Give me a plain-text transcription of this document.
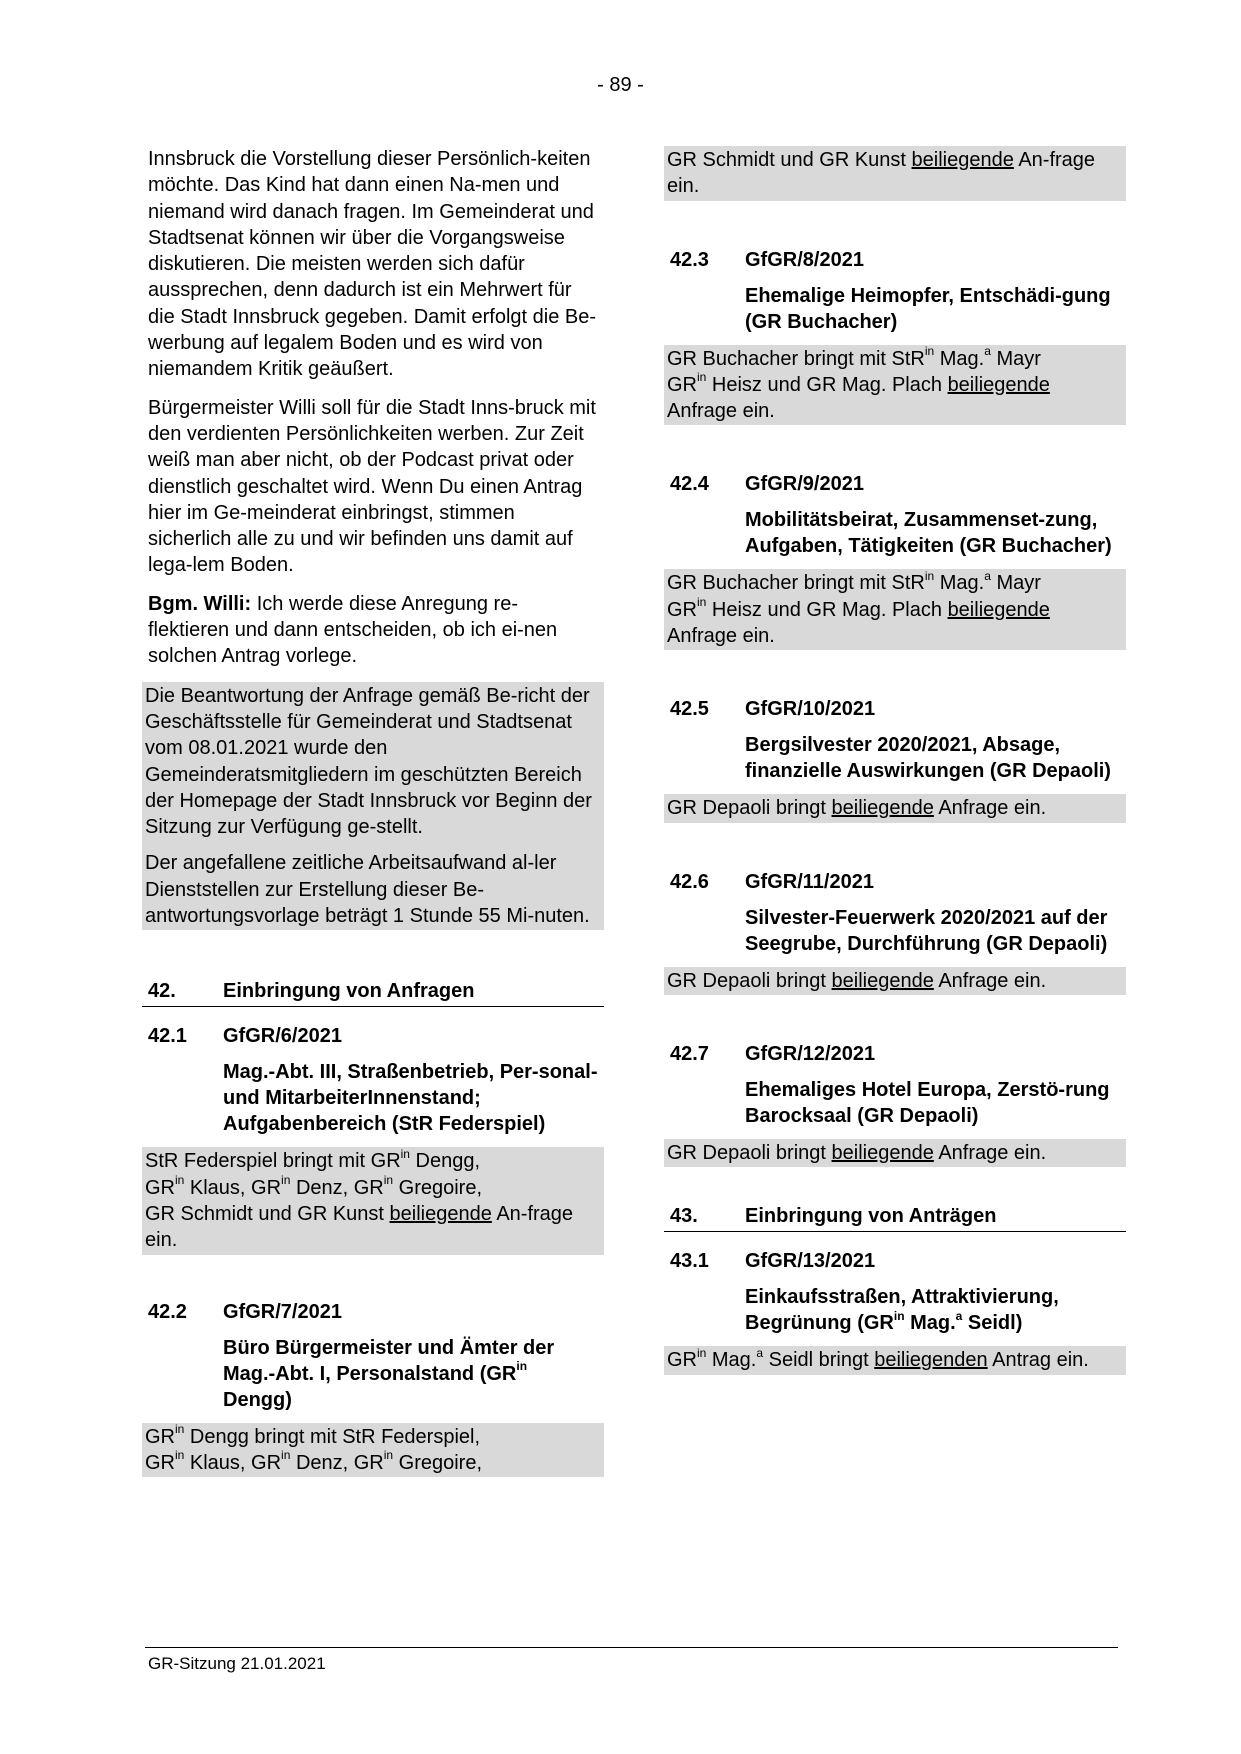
- 89 -

Innsbruck die Vorstellung dieser Persönlich-keiten möchte. Das Kind hat dann einen Na-men und niemand wird danach fragen. Im Gemeinderat und Stadtsenat können wir über die Vorgangsweise diskutieren. Die meisten werden sich dafür aussprechen, denn dadurch ist ein Mehrwert für die Stadt Innsbruck gegeben. Damit erfolgt die Be-werbung auf legalem Boden und es wird von niemandem Kritik geäußert.

Bürgermeister Willi soll für die Stadt Inns-bruck mit den verdienten Persönlichkeiten werben. Zur Zeit weiß man aber nicht, ob der Podcast privat oder dienstlich geschaltet wird. Wenn Du einen Antrag hier im Ge-meinderat einbringst, stimmen sicherlich alle zu und wir befinden uns damit auf lega-lem Boden.

Bgm. Willi: Ich werde diese Anregung re-flektieren und dann entscheiden, ob ich ei-nen solchen Antrag vorlege.

Die Beantwortung der Anfrage gemäß Be-richt der Geschäftsstelle für Gemeinderat und Stadtsenat vom 08.01.2021 wurde den Gemeinderatsmitgliedern im geschützten Bereich der Homepage der Stadt Innsbruck vor Beginn der Sitzung zur Verfügung ge-stellt.

Der angefallene zeitliche Arbeitsaufwand al-ler Dienststellen zur Erstellung dieser Be-antwortungsvorlage beträgt 1 Stunde 55 Mi-nuten.

42.	Einbringung von Anfragen
42.1	GfGR/6/2021
Mag.-Abt. III, Straßenbetrieb, Per-sonal- und MitarbeiterInnenstand; Aufgabenbereich (StR Federspiel)

StR Federspiel bringt mit $GR^{in}$ Dengg,
$GR^{in}$ Klaus, $GR^{in}$ Denz, $GR^{in}$ Gregoire,
GR Schmidt und GR Kunst beiliegende An-frage ein.

42.2	GfGR/7/2021
Büro Bürgermeister und Ämter der Mag.-Abt. I, Personalstand ($GR^{in}$ Dengg)

$GR^{in}$ Dengg bringt mit StR Federspiel,
$GR^{in}$ Klaus, $GR^{in}$ Denz, $GR^{in}$ Gregoire,

GR Schmidt und GR Kunst beiliegende An-frage ein.

42.3	GfGR/8/2021
Ehemalige Heimopfer, Entschädi-gung (GR Buchacher)

GR Buchacher bringt mit StR$^{in}$ Mag.$^a$ Mayr
$GR^{in}$ Heisz und GR Mag. Plach beiliegende
Anfrage ein.

42.4	GfGR/9/2021
Mobilitätsbeirat, Zusammenset-zung, Aufgaben, Tätigkeiten (GR Buchacher)

GR Buchacher bringt mit StR$^{in}$ Mag.$^a$ Mayr
$GR^{in}$ Heisz und GR Mag. Plach beiliegende
Anfrage ein.

42.5	GfGR/10/2021
Bergsilvester 2020/2021, Absage, finanzielle Auswirkungen (GR Depaoli)

GR Depaoli bringt beiliegende Anfrage ein.

42.6	GfGR/11/2021
Silvester-Feuerwerk 2020/2021 auf der Seegrube, Durchführung (GR Depaoli)

GR Depaoli bringt beiliegende Anfrage ein.

42.7	GfGR/12/2021
Ehemaliges Hotel Europa, Zerstö-rung Barocksaal (GR Depaoli)

GR Depaoli bringt beiliegende Anfrage ein.

43.	Einbringung von Anträgen
43.1	GfGR/13/2021
Einkaufsstraßen, Attraktivierung, Begrünung ($GR^{in}$ Mag.$^a$ Seidl)

$GR^{in}$ Mag.$^a$ Seidl bringt beiliegenden Antrag ein.

GR-Sitzung 21.01.2021
